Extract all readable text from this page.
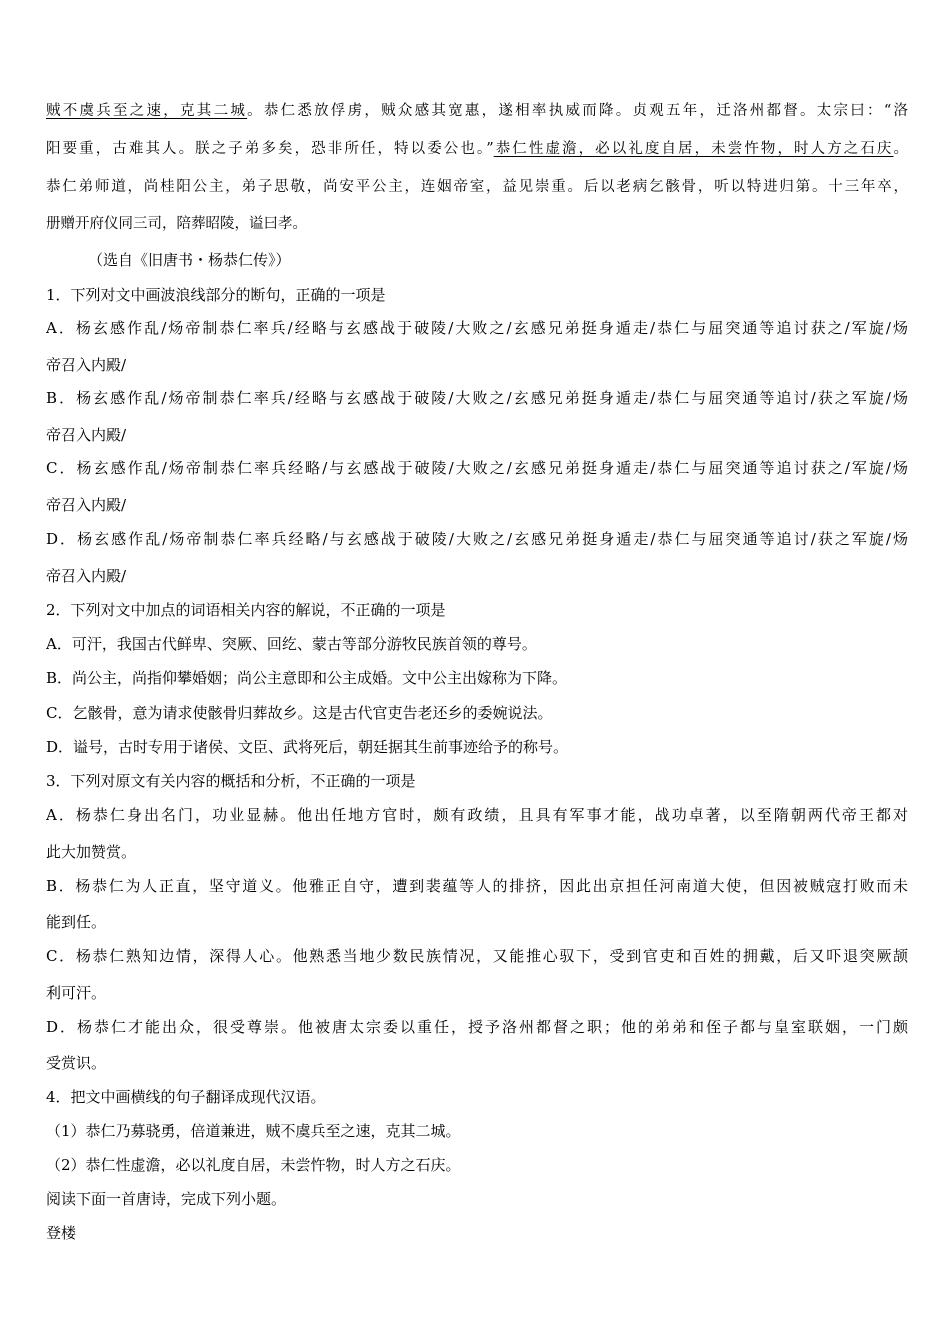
贼不虞兵至之速，克其二城。恭仁悉放俘虏，贼众感其宽惠，遂相率执威而降。贞观五年，迁洛州都督。太宗曰：“洛
阳要重，古难其人。朕之子弟多矣，恐非所任，特以委公也。”恭仁性虚澹，必以礼度自居，未尝忤物，时人方之石庆。
恭仁弟师道，尚桂阳公主，弟子思敬，尚安平公主，连姻帝室，益见崇重。后以老病乞骸骨，听以特进归第。十三年卒，
册赠开府仪同三司，陪葬昭陵，谥曰孝。
（选自《旧唐书・杨恭仁传》）
1．下列对文中画波浪线部分的断句，正确的一项是
A．杨玄感作乱/炀帝制恭仁率兵/经略与玄感战于破陵/大败之/玄感兄弟挺身遁走/恭仁与屈突通等追讨获之/军旋/炀
帝召入内殿/
B．杨玄感作乱/炀帝制恭仁率兵/经略与玄感战于破陵/大败之/玄感兄弟挺身遁走/恭仁与屈突通等追讨/获之军旋/炀
帝召入内殿/
C．杨玄感作乱/炀帝制恭仁率兵经略/与玄感战于破陵/大败之/玄感兄弟挺身遁走/恭仁与屈突通等追讨获之/军旋/炀
帝召入内殿/
D．杨玄感作乱/炀帝制恭仁率兵经略/与玄感战于破陵/大败之/玄感兄弟挺身遁走/恭仁与屈突通等追讨/获之军旋/炀
帝召入内殿/
2．下列对文中加点的词语相关内容的解说，不正确的一项是
A．可汗，我国古代鲜卑、突厥、回纥、蒙古等部分游牧民族首领的尊号。
B．尚公主，尚指仰攀婚姻；尚公主意即和公主成婚。文中公主出嫁称为下降。
C．乞骸骨，意为请求使骸骨归葬故乡。这是古代官吏告老还乡的委婉说法。
D．谥号，古时专用于诸侯、文臣、武将死后，朝廷据其生前事迹给予的称号。
3．下列对原文有关内容的概括和分析，不正确的一项是
A．杨恭仁身出名门，功业显赫。他出任地方官时，颇有政绩，且具有军事才能，战功卓著，以至隋朝两代帝王都对
此大加赞赏。
B．杨恭仁为人正直，坚守道义。他雅正自守，遭到裴蕴等人的排挤，因此出京担任河南道大使，但因被贼寇打败而未
能到任。
C．杨恭仁熟知边情，深得人心。他熟悉当地少数民族情况，又能推心驭下，受到官吏和百姓的拥戴，后又吓退突厥颉
利可汗。
D．杨恭仁才能出众，很受尊崇。他被唐太宗委以重任，授予洛州都督之职；他的弟弟和侄子都与皇室联姻，一门颇
受赏识。
4．把文中画横线的句子翻译成现代汉语。
（1）恭仁乃募骁勇，倍道兼进，贼不虞兵至之速，克其二城。
（2）恭仁性虚澹，必以礼度自居，未尝忤物，时人方之石庆。
阅读下面一首唐诗，完成下列小题。
登楼
